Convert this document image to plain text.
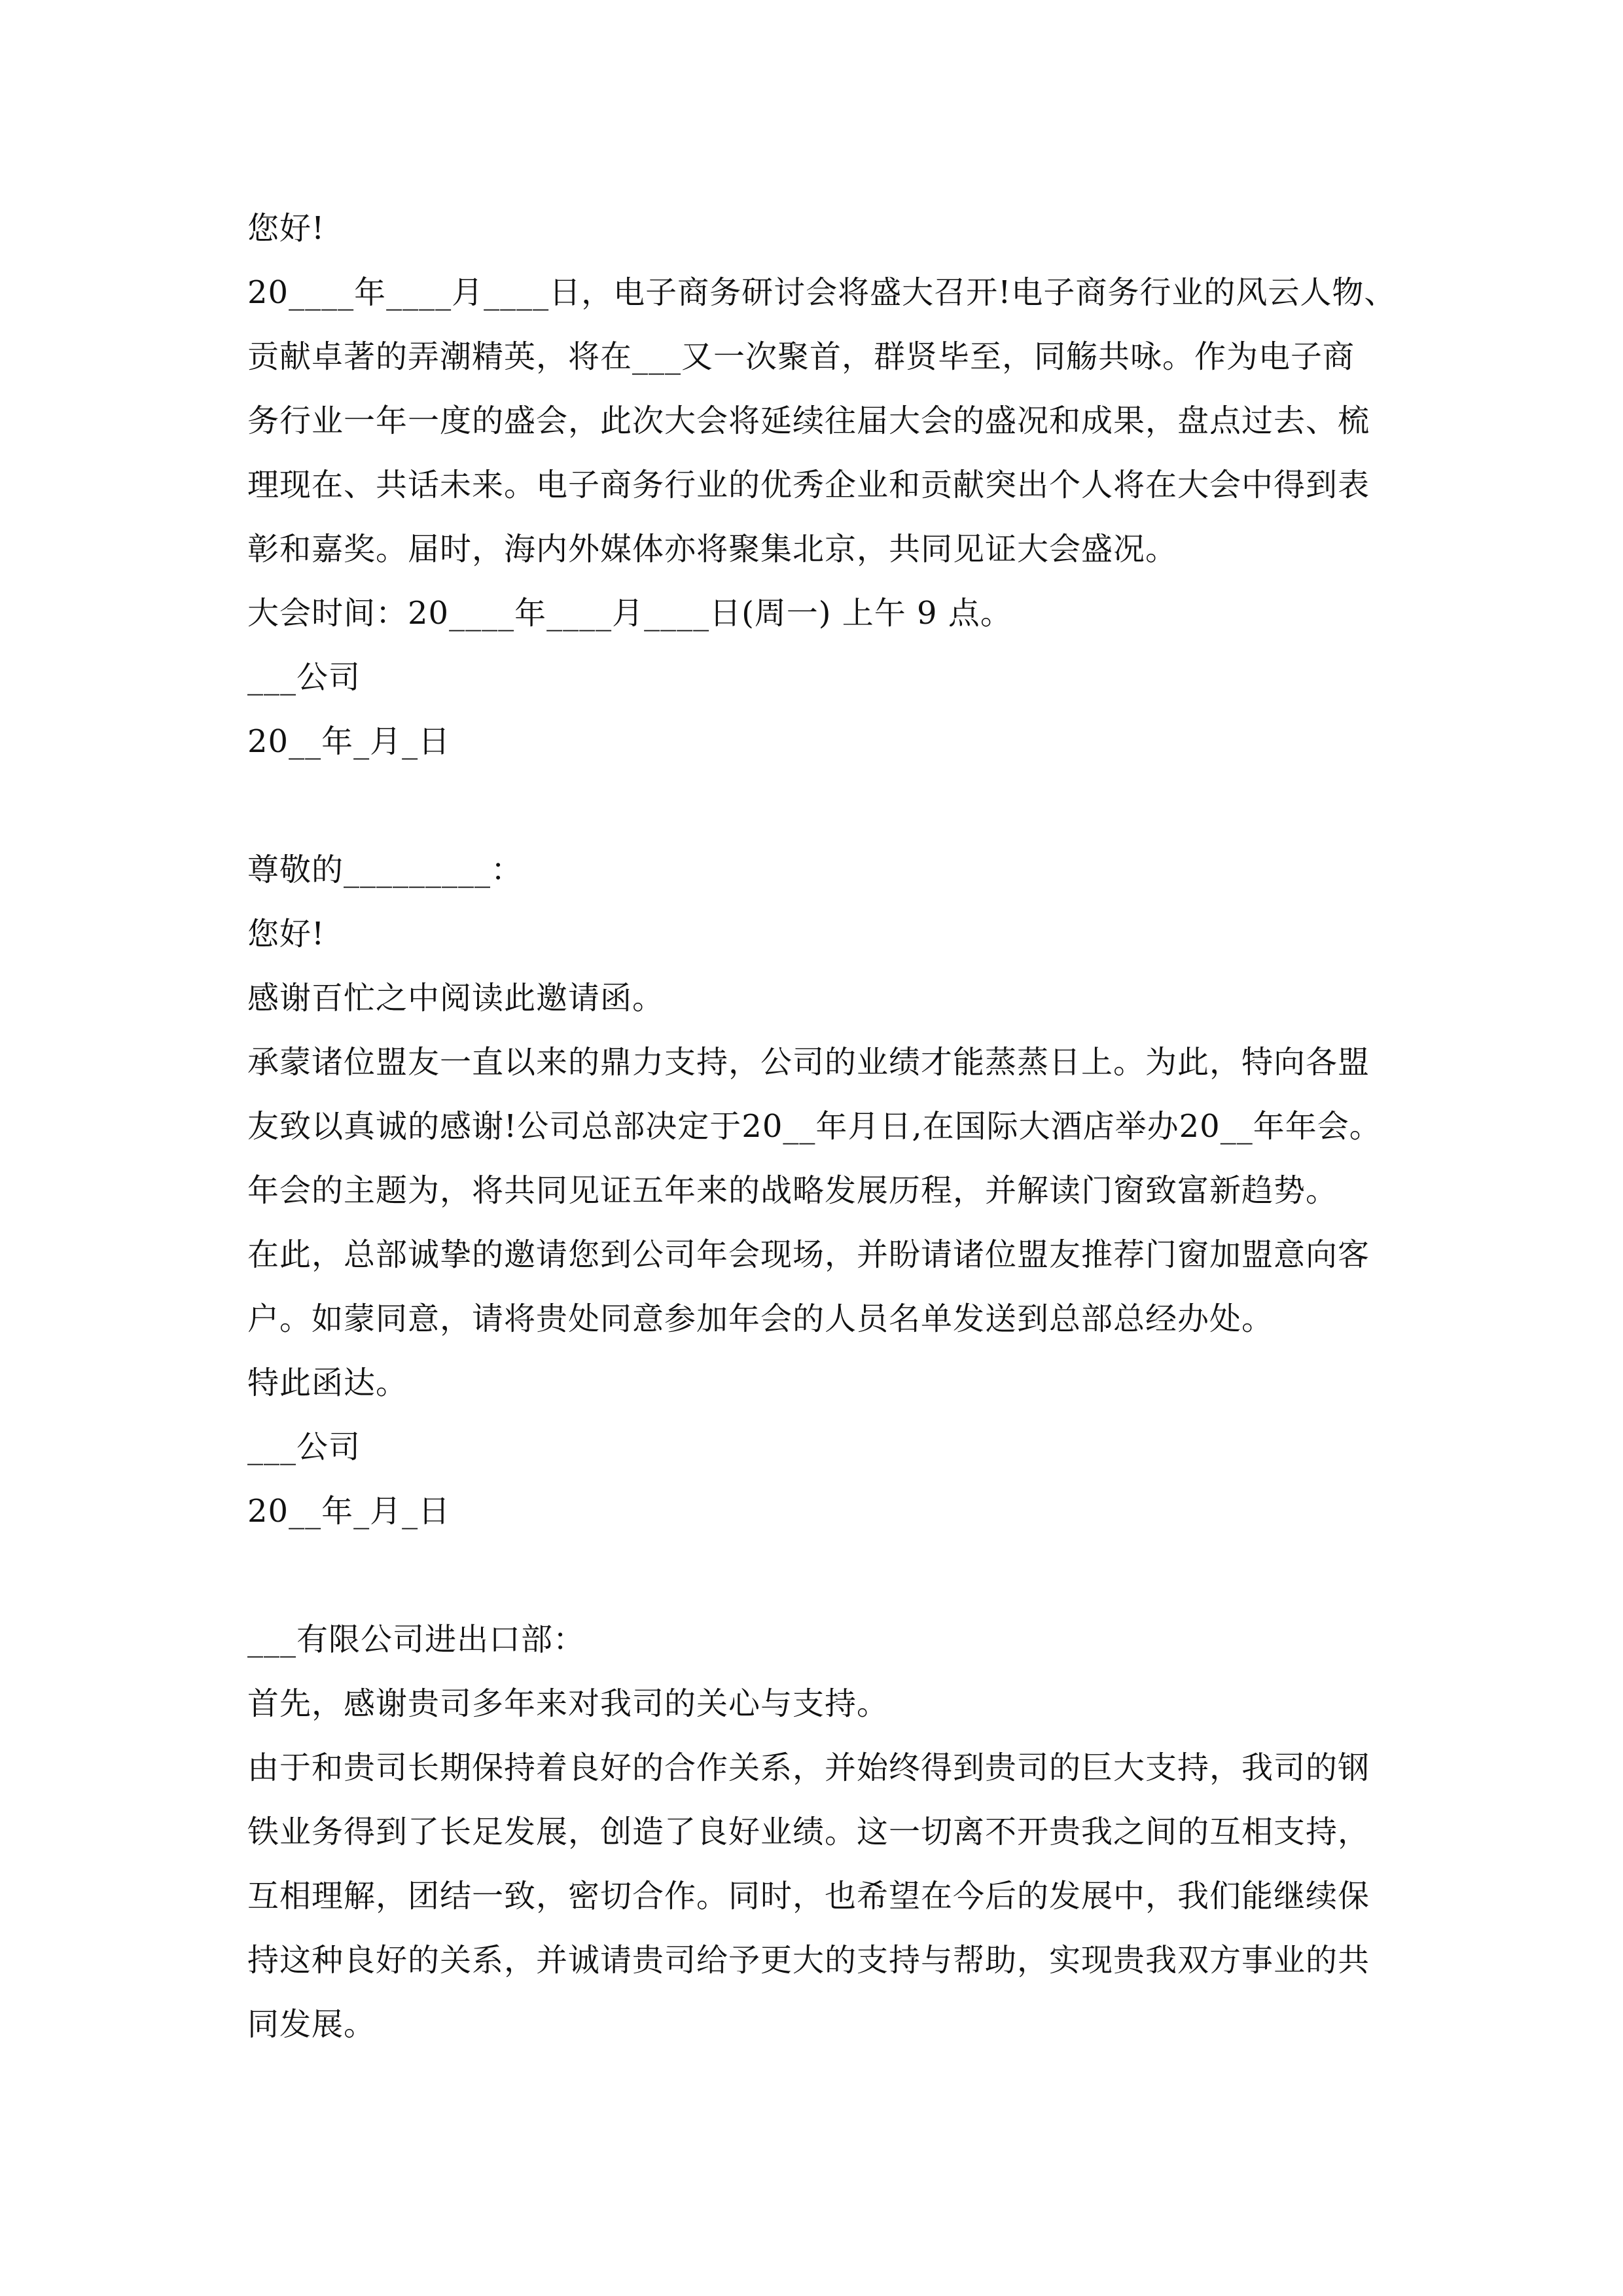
您好!
20____年____月____日，电子商务研讨会将盛大召开!电子商务行业的风云人物、
贡献卓著的弄潮精英，将在___又一次聚首，群贤毕至，同觞共咏。作为电子商
务行业一年一度的盛会，此次大会将延续往届大会的盛况和成果，盘点过去、梳
理现在、共话未来。电子商务行业的优秀企业和贡献突出个人将在大会中得到表
彰和嘉奖。届时，海内外媒体亦将聚集北京，共同见证大会盛况。
大会时间：20____年____月____日(周一) 上午 9 点。
___公司
20__年_月_日
尊敬的_________：
您好!
感谢百忙之中阅读此邀请函。
承蒙诸位盟友一直以来的鼎力支持，公司的业绩才能蒸蒸日上。为此，特向各盟
友致以真诚的感谢!公司总部决定于20__年月日,在国际大酒店举办20__年年会。
年会的主题为，将共同见证五年来的战略发展历程，并解读门窗致富新趋势。
在此，总部诚挚的邀请您到公司年会现场，并盼请诸位盟友推荐门窗加盟意向客
户。如蒙同意，请将贵处同意参加年会的人员名单发送到总部总经办处。
特此函达。
___公司
20__年_月_日
___有限公司进出口部：
首先，感谢贵司多年来对我司的关心与支持。
由于和贵司长期保持着良好的合作关系，并始终得到贵司的巨大支持，我司的钢
铁业务得到了长足发展，创造了良好业绩。这一切离不开贵我之间的互相支持，
互相理解，团结一致，密切合作。同时，也希望在今后的发展中，我们能继续保
持这种良好的关系，并诚请贵司给予更大的支持与帮助，实现贵我双方事业的共
同发展。
